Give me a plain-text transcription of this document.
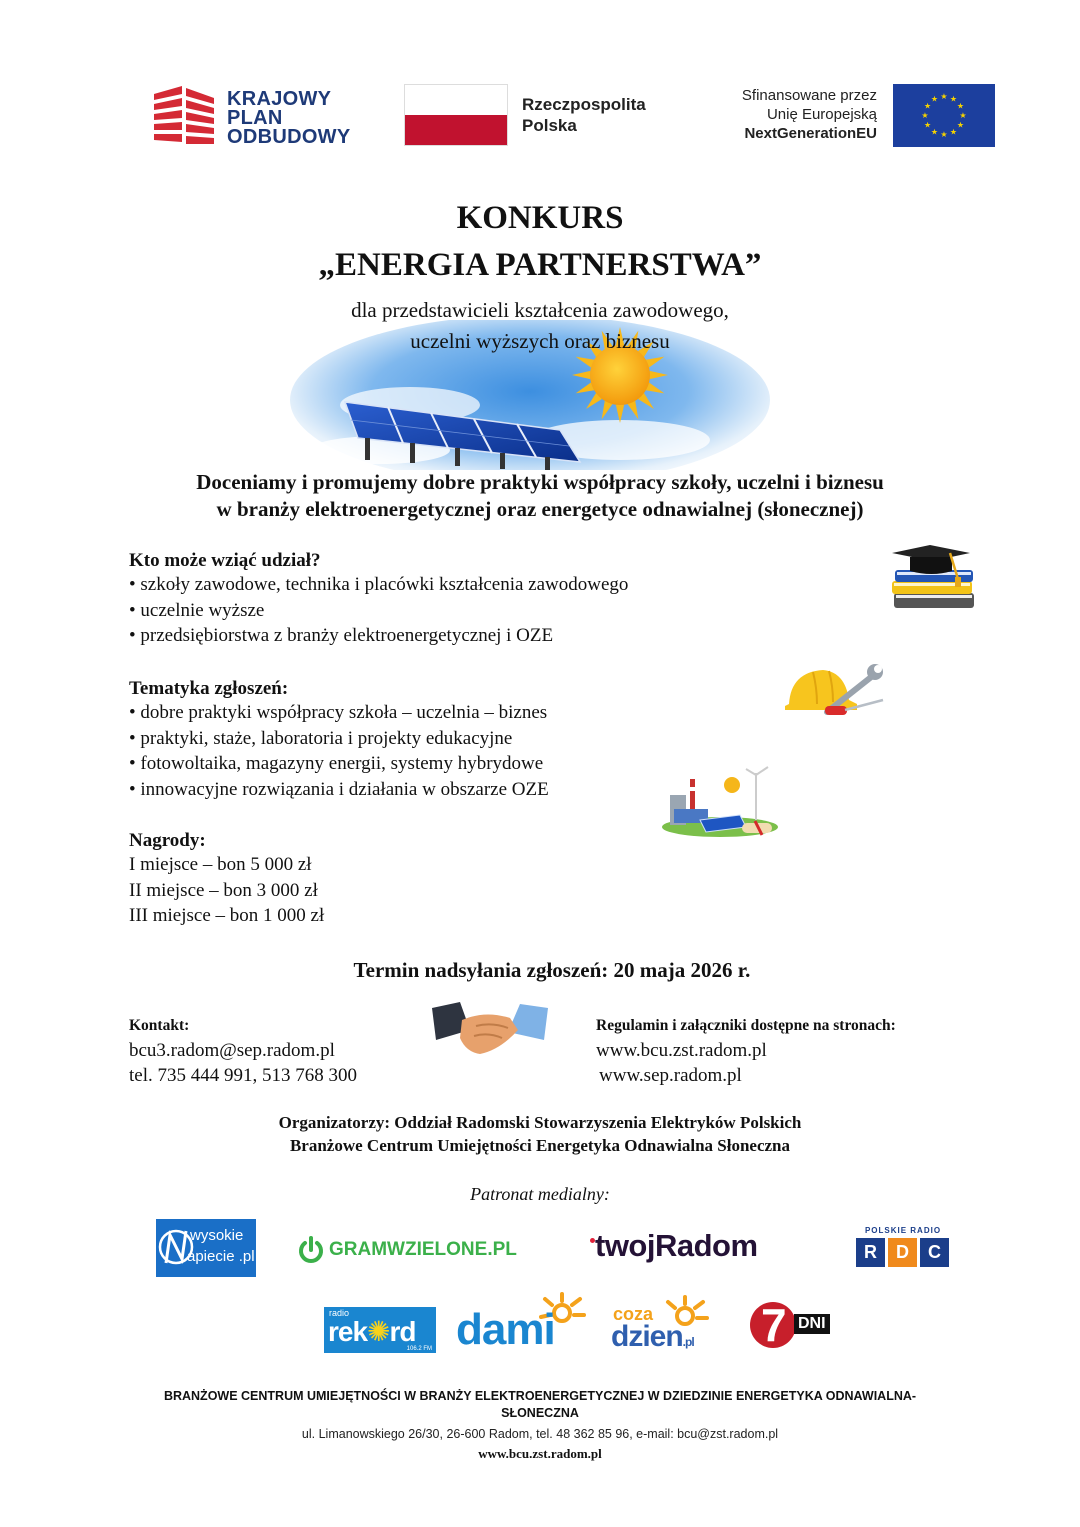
KRAJOWY
PLAN
ODBUDOWY
Rzeczpospolita
Polska
Sfinansowane przez
Unię Europejską
NextGenerationEU
★ ★
★
★
★
★
★
★
★
★
★
★
KONKURS
„ENERGIA PARTNERSTWA”
dla przedstawicieli kształcenia zawodowego,
uczelni wyższych oraz biznesu
Doceniamy i promujemy dobre praktyki współpracy szkoły, uczelni i biznesu
w branży elektroenergetycznej oraz energetyce odnawialnej (słonecznej)
Kto może wziąć udział?
• szkoły zawodowe, technika i placówki kształcenia zawodowego
• uczelnie wyższe
• przedsiębiorstwa z branży elektroenergetycznej i OZE
Tematyka zgłoszeń:
• dobre praktyki współpracy szkoła – uczelnia – biznes
• praktyki, staże, laboratoria i projekty edukacyjne
• fotowoltaika, magazyny energii, systemy hybrydowe
• innowacyjne rozwiązania i działania w obszarze OZE
Nagrody:
I miejsce – bon 5 000 zł
II miejsce – bon 3 000 zł
III miejsce – bon 1 000 zł
Termin nadsyłania zgłoszeń: 20 maja 2026 r.
Kontakt:
bcu3.radom@sep.radom.pl
tel. 735 444 991, 513 768 300
Regulamin i załączniki dostępne na stronach:
www.bcu.zst.radom.pl
www.sep.radom.pl
Organizatorzy: Oddział Radomski Stowarzyszenia Elektryków Polskich
Branżowe Centrum Umiejętności Energetyka Odnawialna Słoneczna
Patronat medialny:
wysokie
apiecie .pl	GRAMWZIELONE.PL	twojRadom	POLSKIE RADIO
R	D	C
radio
rek✺rd
106.2 FM dami	coza
dzien.pl 7 DNI
BRANŻOWE CENTRUM UMIEJĘTNOŚCI W BRANŻY ELEKTROENERGETYCZNEJ W DZIEDZINIE ENERGETYKA ODNAWIALNA-
SŁONECZNA
ul. Limanowskiego 26/30, 26-600 Radom, tel. 48 362 85 96, e-mail: bcu@zst.radom.pl
www.bcu.zst.radom.pl
